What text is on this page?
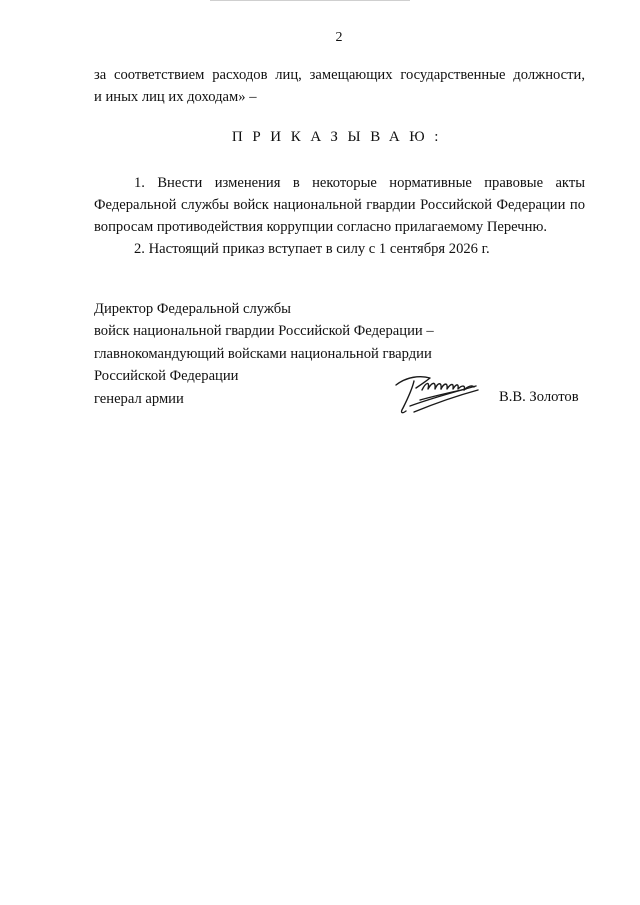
2
за соответствием расходов лиц, замещающих государственные должности,
и иных лиц их доходам» –
ПРИКАЗЫВАЮ:

1. Внести изменения в некоторые нормативные правовые акты Федеральной службы войск национальной гвардии Российской Федерации по вопросам противодействия коррупции согласно прилагаемому Перечню.

2. Настоящий приказ вступает в силу с 1 сентября 2026 г.

Директор Федеральной службы
войск национальной гвардии Российской Федерации –
главнокомандующий войсками национальной гвардии
Российской Федерации
генерал армии	В.В. Золотов
